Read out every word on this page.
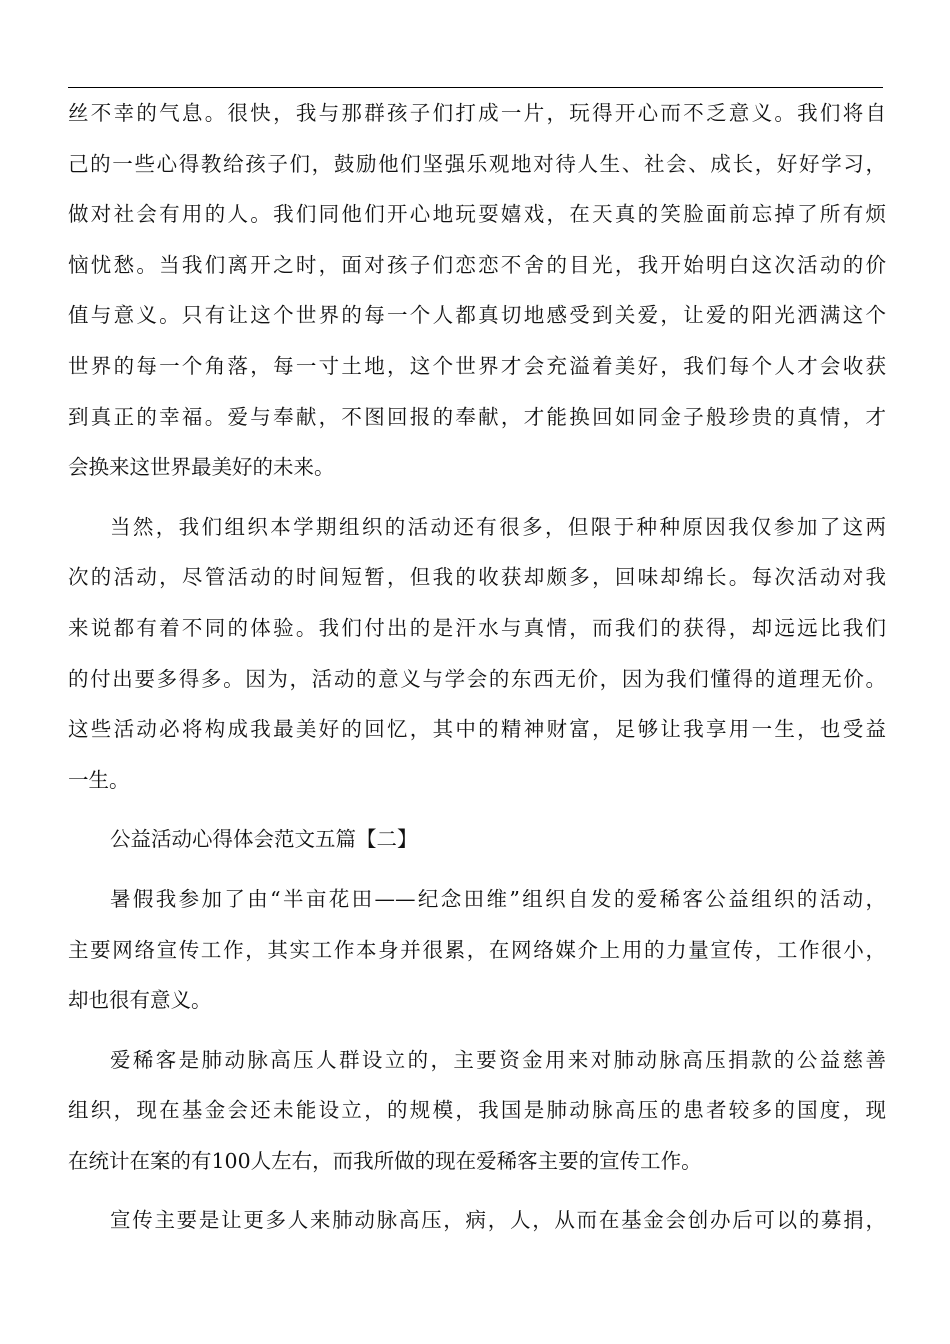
丝不幸的气息。很快，我与那群孩子们打成一片，玩得开心而不乏意义。我们将自
己的一些心得教给孩子们，鼓励他们坚强乐观地对待人生、社会、成长，好好学习，
做对社会有用的人。我们同他们开心地玩耍嬉戏，在天真的笑脸面前忘掉了所有烦
恼忧愁。当我们离开之时，面对孩子们恋恋不舍的目光，我开始明白这次活动的价
值与意义。只有让这个世界的每一个人都真切地感受到关爱，让爱的阳光洒满这个
世界的每一个角落，每一寸土地，这个世界才会充溢着美好，我们每个人才会收获
到真正的幸福。爱与奉献，不图回报的奉献，才能换回如同金子般珍贵的真情，才
会换来这世界最美好的未来。
当然，我们组织本学期组织的活动还有很多，但限于种种原因我仅参加了这两
次的活动，尽管活动的时间短暂，但我的收获却颇多，回味却绵长。每次活动对我
来说都有着不同的体验。我们付出的是汗水与真情，而我们的获得，却远远比我们
的付出要多得多。因为，活动的意义与学会的东西无价，因为我们懂得的道理无价。
这些活动必将构成我最美好的回忆，其中的精神财富，足够让我享用一生，也受益
一生。
公益活动心得体会范文五篇【二】
暑假我参加了由“半亩花田——纪念田维”组织自发的爱稀客公益组织的活动，
主要网络宣传工作，其实工作本身并很累，在网络媒介上用的力量宣传，工作很小，
却也很有意义。
爱稀客是肺动脉高压人群设立的，主要资金用来对肺动脉高压捐款的公益慈善
组织，现在基金会还未能设立，的规模，我国是肺动脉高压的患者较多的国度，现
在统计在案的有100人左右，而我所做的现在爱稀客主要的宣传工作。
宣传主要是让更多人来肺动脉高压，病，人，从而在基金会创办后可以的募捐，
